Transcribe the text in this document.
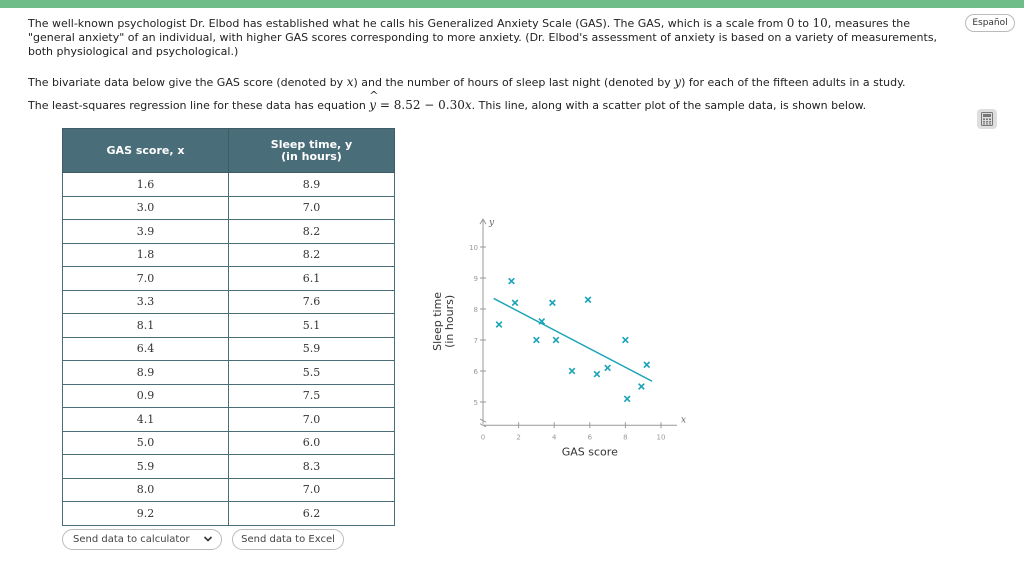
The well-known psychologist Dr. Elbod has established what he calls his Generalized Anxiety Scale (GAS). The GAS, which is a scale from 0 to 10, measures the "general anxiety" of an individual, with higher GAS scores corresponding to more anxiety. (Dr. Elbod's assessment of anxiety is based on a variety of measurements, both physiological and psychological.)
The bivariate data below give the GAS score (denoted by x) and the number of hours of sleep last night (denoted by y) for each of the fifteen adults in a study.
The least-squares regression line for these data has equation ^ y = 8.52 − 0.30x. This line, along with a scatter plot of the sample data, is shown below.
Español
GAS score, x	Sleep time, y
(in hours)
1.6	8.9
3.0	7.0
3.9	8.2
1.8	8.2
7.0	6.1
3.3	7.6
8.1	5.1
6.4	5.9
8.9	5.5
0.9	7.5
4.1	7.0
5.0	6.0
5.9	8.3
8.0	7.0
9.2	6.2
Send data to calculator	Send data to Excel
y
x
5
6
7
8
9
10
0	2	4	6	8	10
GAS score
Sleep time (in hours)
